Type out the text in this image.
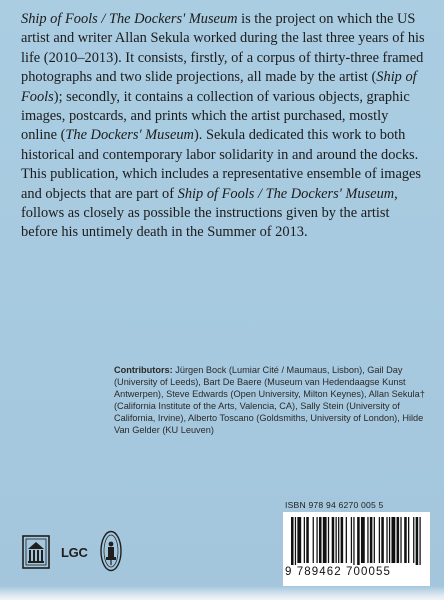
Ship of Fools / The Dockers' Museum is the project on which the US artist and writer Allan Sekula worked during the last three years of his life (2010–2013). It consists, firstly, of a corpus of thirty-three framed photographs and two slide projections, all made by the artist (Ship of Fools); secondly, it contains a collection of various objects, graphic images, postcards, and prints which the artist purchased, mostly online (The Dockers' Museum). Sekula dedicated this work to both historical and contemporary labor solidarity in and around the docks. This publication, which includes a representative ensemble of images and objects that are part of Ship of Fools / The Dockers' Museum, follows as closely as possible the instructions given by the artist before his untimely death in the Summer of 2013.

Contributors: Jürgen Bock (Lumiar Cité / Maumaus, Lisbon), Gail Day (University of Leeds), Bart De Baere (Museum van Hedendaagse Kunst Antwerpen), Steve Edwards (Open University, Milton Keynes), Allan Sekula† (California Institute of the Arts, Valencia, CA), Sally Stein (University of California, Irvine), Alberto Toscano (Goldsmiths, University of London), Hilde Van Gelder (KU Leuven)

LGC
ISBN 978 94 6270 005 5
9 789462 700055
